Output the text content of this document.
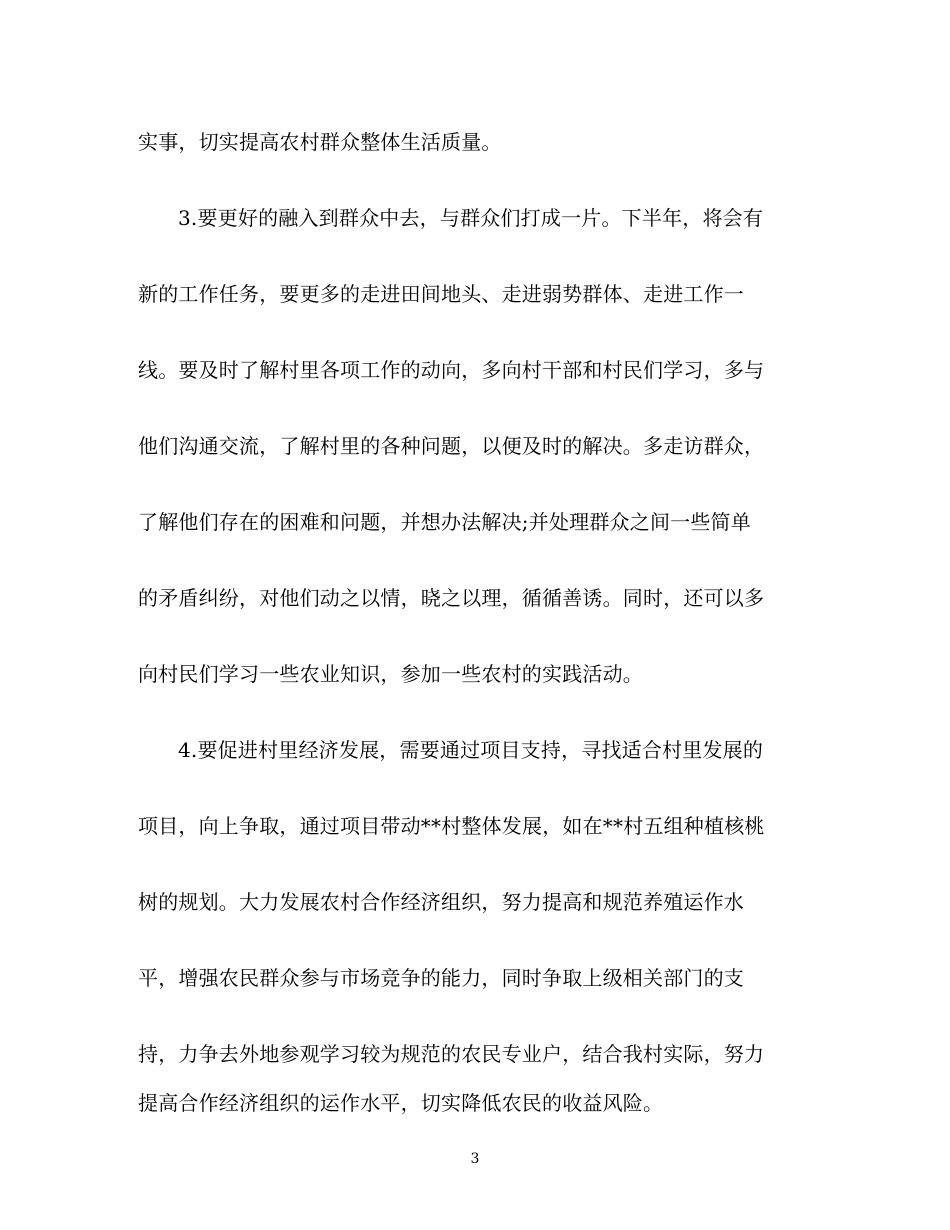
实事，切实提高农村群众整体生活质量。
3.要更好的融入到群众中去，与群众们打成一片。下半年，将会有
新的工作任务，要更多的走进田间地头、走进弱势群体、走进工作一
线。要及时了解村里各项工作的动向，多向村干部和村民们学习，多与
他们沟通交流，了解村里的各种问题，以便及时的解决。多走访群众，
了解他们存在的困难和问题，并想办法解决;并处理群众之间一些简单
的矛盾纠纷，对他们动之以情，晓之以理，循循善诱。同时，还可以多
向村民们学习一些农业知识，参加一些农村的实践活动。
4.要促进村里经济发展，需要通过项目支持，寻找适合村里发展的
项目，向上争取，通过项目带动**村整体发展，如在**村五组种植核桃
树的规划。大力发展农村合作经济组织，努力提高和规范养殖运作水
平，增强农民群众参与市场竞争的能力，同时争取上级相关部门的支
持，力争去外地参观学习较为规范的农民专业户，结合我村实际，努力
提高合作经济组织的运作水平，切实降低农民的收益风险。
3
